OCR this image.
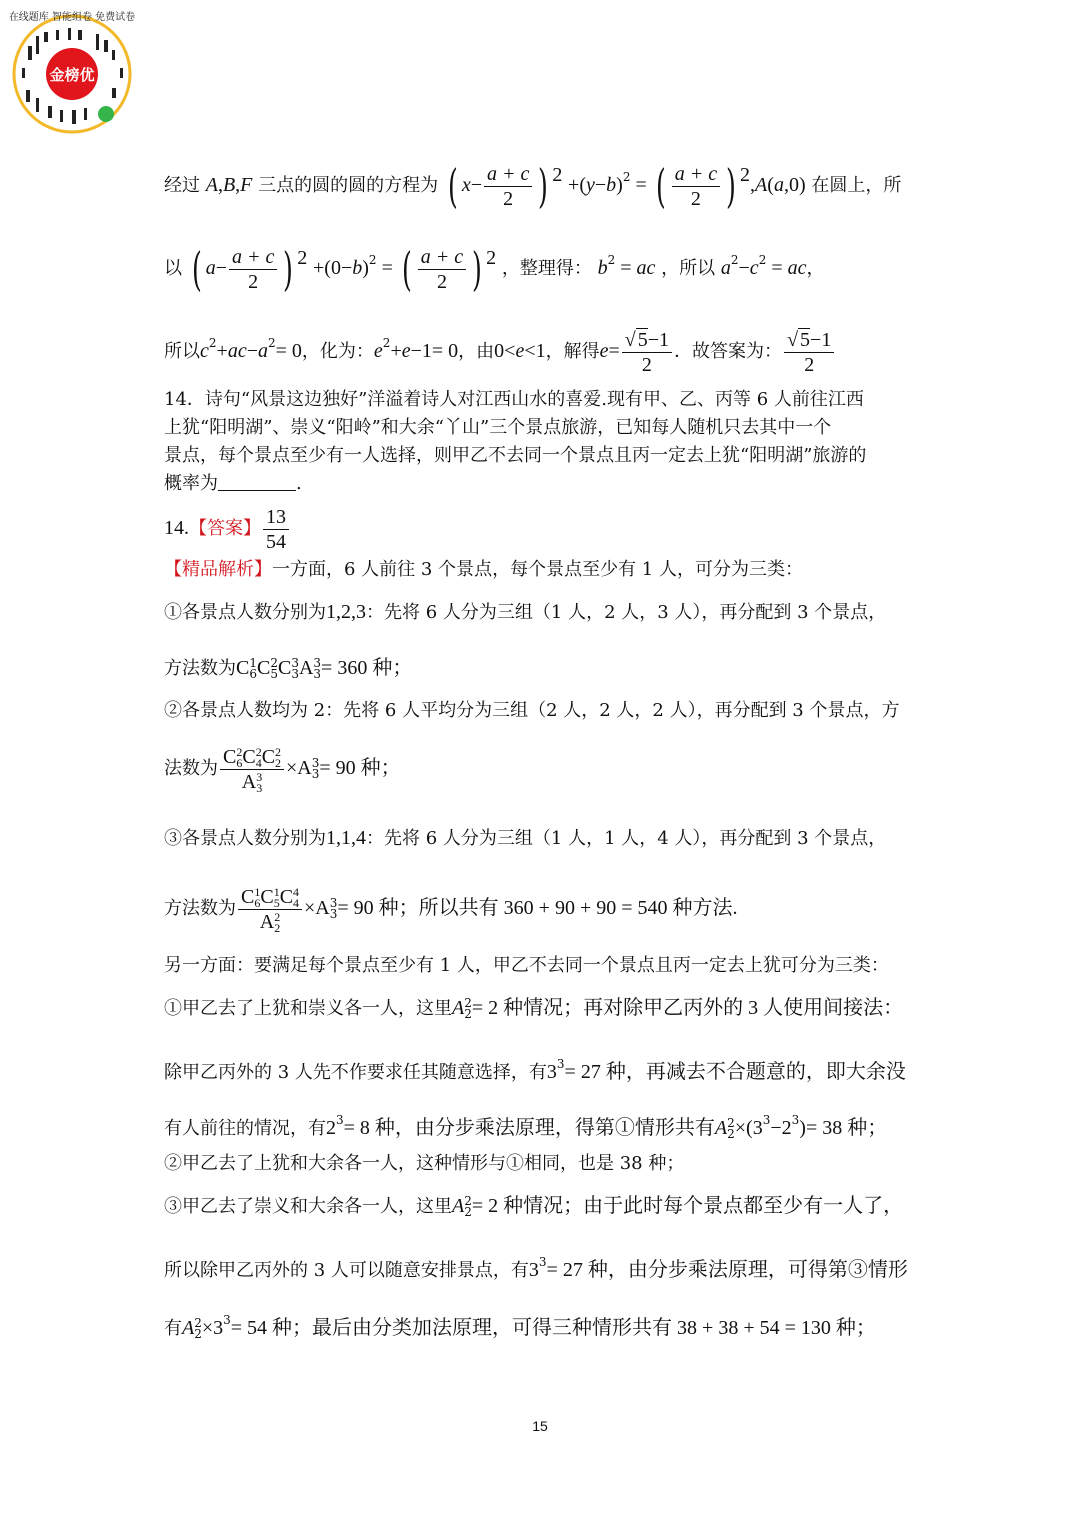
金榜优
在线题库 智能组卷 免费试卷
经过 A,B,F 三点的圆的圆的方程为 ( $x- \frac{a + c}{2}$ ) $^2 +(y-b)^2$ = ( $\frac{a + c}{2}$ ) $^2$,A(a,0) 在圆上，所
以 ( $a- \frac{a + c}{2}$ ) $^2 +(0-b)^2$ = ( $\frac{a + c}{2}$ ) $^2$ ，整理得： $b^2$ = ac ，所以 $a^2-c^2$ = ac，
所以$c^2+ac-a^2= 0$，化为：$e^2+e-1= 0$，由0<e<1，解得$e= \frac{√ 5-1}{2}$ ．故答案为： $\frac{√ 5-1}{2}$
14．诗句“风景这边独好”洋溢着诗人对江西山水的喜爱.现有甲、乙、丙等 6 人前往江西
上犹“阳明湖”、崇义“阳岭”和大余“丫山”三个景点旅游，已知每人随机只去其中一个
景点，每个景点至少有一人选择，则甲乙不去同一个景点且丙一定去上犹“阳明湖”旅游的
概率为	.
14.【答案】 $\frac{13}{54}$
【精品解析】一方面，6 人前往 3 个景点，每个景点至少有 1 人，可分为三类：
①各景点人数分别为1,2,3：先将 6 人分为三组（1 人，2 人，3 人），再分配到 3 个景点，
方法数为C 1
6 C 2
5 C 3
3 A 3
3 = 360 种；
②各景点人数均为 2：先将 6 人平均分为三组（2 人，2 人，2 人），再分配到 3 个景点，方
法数为 C 2
6 C 2
4 C 2
2
A 3
3 ×A 3
3 = 90 种；
③各景点人数分别为1,1,4：先将 6 人分为三组（1 人，1 人，4 人），再分配到 3 个景点，
方法数为 C 1
6 C 1
5 C 4
4
A 2
2 ×A 3
3 = 90 种；所以共有 360 + 90 + 90 = 540 种方法.
另一方面：要满足每个景点至少有 1 人，甲乙不去同一个景点且丙一定去上犹可分为三类：
①甲乙去了上犹和崇义各一人，这里A 2
2 = 2 种情况；再对除甲乙丙外的 3 人使用间接法：
除甲乙丙外的 3 人先不作要求任其随意选择，有$3^3= 27$ 种，再减去不合题意的，即大余没
有人前往的情况，有$2^3= 8$ 种，由分步乘法原理，得第①情形共有A 2
$2 \times(3^3-2^3)= 38$ 种；
②甲乙去了上犹和大余各一人，这种情形与①相同，也是 38 种；
③甲乙去了崇义和大余各一人，这里A 2
2 = 2 种情况；由于此时每个景点都至少有一人了，
所以除甲乙丙外的 3 人可以随意安排景点，有$3^3= 27$ 种，由分步乘法原理，可得第③情形
有A 2
$2 \times 3^3= 54$ 种；最后由分类加法原理，可得三种情形共有 38 + 38 + 54 = 130 种；
15
